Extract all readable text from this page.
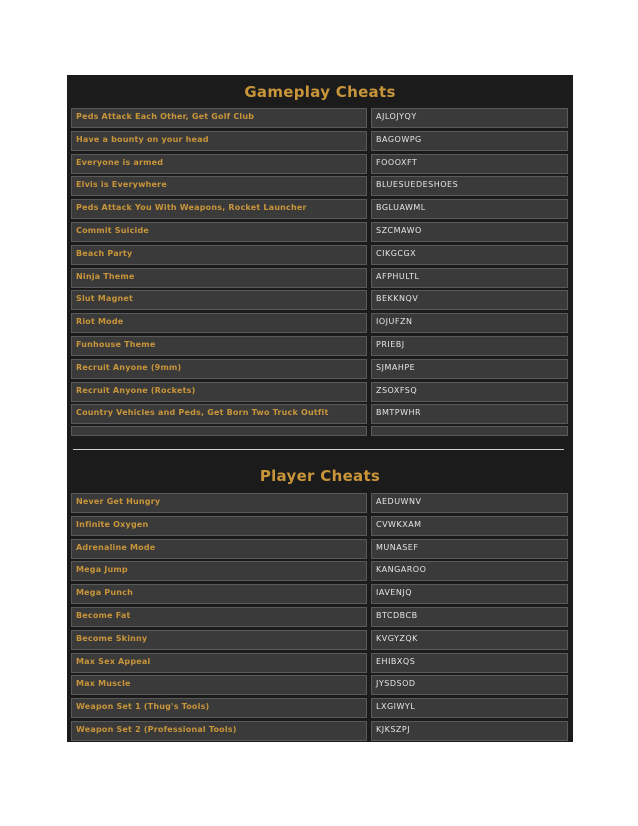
Gameplay Cheats
Peds Attack Each Other, Get Golf Club	AJLOJYQY
Have a bounty on your head	BAGOWPG
Everyone is armed	FOOOXFT
Elvis is Everywhere	BLUESUEDESHOES
Peds Attack You With Weapons, Rocket Launcher	BGLUAWML
Commit Suicide	SZCMAWO
Beach Party	CIKGCGX
Ninja Theme	AFPHULTL
Slut Magnet	BEKKNQV
Riot Mode	IOJUFZN
Funhouse Theme	PRIEBJ
Recruit Anyone (9mm)	SJMAHPE
Recruit Anyone (Rockets)	ZSOXFSQ
Country Vehicles and Peds, Get Born Two Truck Outfit	BMTPWHR
Player Cheats
Never Get Hungry	AEDUWNV
Infinite Oxygen	CVWKXAM
Adrenaline Mode	MUNASEF
Mega Jump	KANGAROO
Mega Punch	IAVENJQ
Become Fat	BTCDBCB
Become Skinny	KVGYZQK
Max Sex Appeal	EHIBXQS
Max Muscle	JYSDSOD
Weapon Set 1 (Thug's Tools)	LXGIWYL
Weapon Set 2 (Professional Tools)	KJKSZPJ
